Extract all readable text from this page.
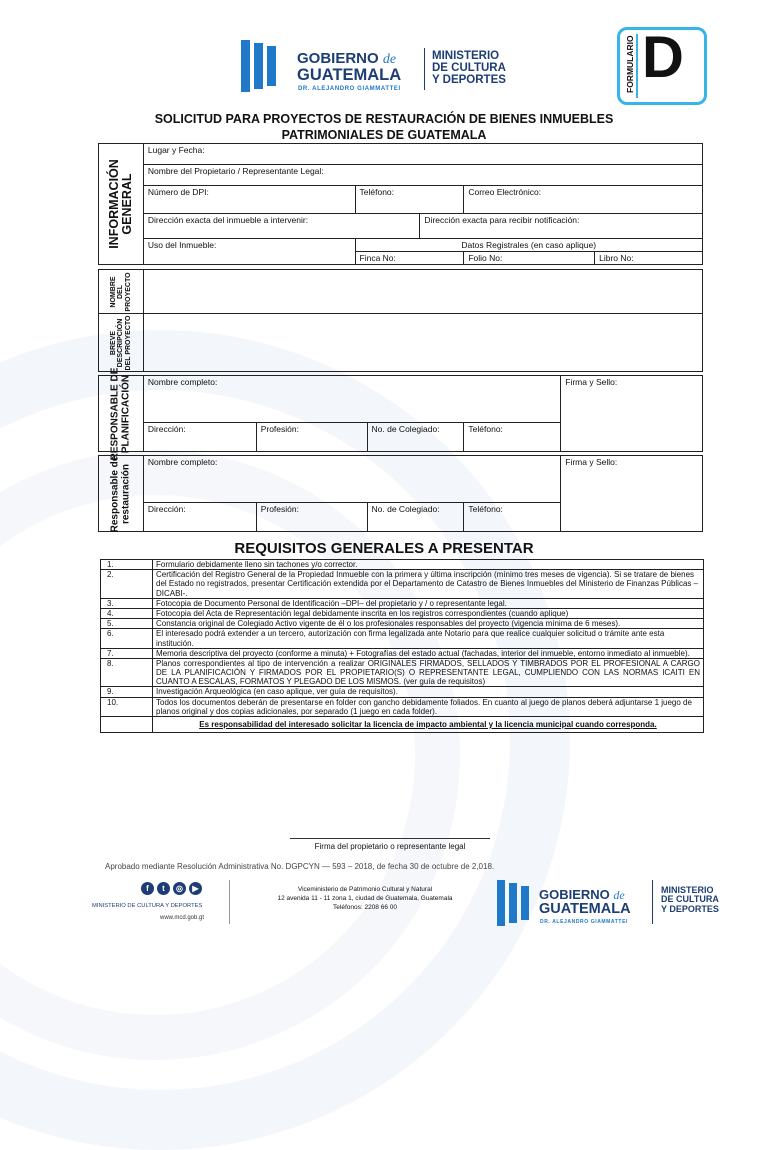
GOBIERNO de
GUATEMALA
DR. ALEJANDRO GIAMMATTEI
MINISTERIO
DE CULTURA
Y DEPORTES	FORMULARIO D
SOLICITUD PARA PROYECTOS DE RESTAURACIÓN DE BIENES INMUEBLES
PATRIMONIALES DE GUATEMALA
INFORMACIÓN GENERAL	Lugar y Fecha:				
	Nombre del Propietario / Representante Legal:				
	Número de DPI:	Teléfono:		Correo Electrónico:	
	Dirección exacta del inmueble a intervenir:		Dirección exacta para recibir notificación:		
	Uso del Inmueble:	Datos Registrales (en caso aplique)			
		Finca No:		Folio No:	Libro No:
NOMBRE DEL PROYECTO	

BREVE DESCRIPCIÓN DEL PROYECTO	

RESPONSABLE DE PLANIFICACIÓN	Nombre completo:				Firma y Sello:
	Dirección:	Profesión:	No. de Colegiado:	Teléfono:	
Responsable de restauración	Nombre completo:				Firma y Sello:
	Dirección:	Profesión:	No. de Colegiado:	Teléfono:	
REQUISITOS GENERALES A PRESENTAR
1.	Formulario debidamente lleno sin tachones y/o corrector.
2.	Certificación del Registro General de la Propiedad Inmueble con la primera y última inscripción (mínimo tres meses de vigencia). Si se tratare de bienes del Estado no registrados, presentar Certificación extendida por el Departamento de Catastro de Bienes Inmuebles del Ministerio de Finanzas Públicas –DICABI-.
3.	Fotocopia de Documento Personal de Identificación –DPI– del propietario y / o representante legal.
4.	Fotocopia del Acta de Representación legal debidamente inscrita en los registros correspondientes (cuando aplique)
5.	Constancia original de Colegiado Activo vigente de él o los profesionales responsables del proyecto (vigencia mínima de 6 meses).
6.	El interesado podrá extender a un tercero, autorización con firma legalizada ante Notario para que realice cualquier solicitud o trámite ante esta institución.
7.	Memoria descriptiva del proyecto (conforme a minuta) + Fotografías del estado actual (fachadas, interior del inmueble, entorno inmediato al inmueble).
8.	Planos correspondientes al tipo de intervención a realizar ORIGINALES FIRMADOS, SELLADOS Y TIMBRADOS POR EL PROFESIONAL A CARGO DE LA PLANIFICACIÓN Y FIRMADOS POR EL PROPIETARIO(S) O REPRESENTANTE LEGAL, CUMPLIENDO CON LAS NORMAS ICAITI EN CUANTO A ESCALAS, FORMATOS Y PLEGADO DE LOS MISMOS. (ver guía de requisitos)
9.	Investigación Arqueológica (en caso aplique, ver guía de requisitos).
10.	Todos los documentos deberán de presentarse en folder con gancho debidamente foliados. En cuanto al juego de planos deberá adjuntarse 1 juego de planos original y dos copias adicionales, por separado (1 juego en cada folder).
	Es responsabilidad del interesado solicitar la licencia de impacto ambiental y la licencia municipal cuando corresponda.
Firma del propietario o representante legal
Aprobado mediante Resolución Administrativa No. DGPCYN — 593 – 2018, de fecha 30 de octubre de 2,018.
f	t	◎	▶
MINISTERIO DE CULTURA Y DEPORTES
www.mcd.gob.gt
Viceministerio de Patrimonio Cultural y Natural
12 avenida 11 - 11 zona 1, ciudad de Guatemala, Guatemala
Teléfonos: 2208 66 00
GOBIERNO de
GUATEMALA
DR. ALEJANDRO GIAMMATTEI
MINISTERIO
DE CULTURA
Y DEPORTES
